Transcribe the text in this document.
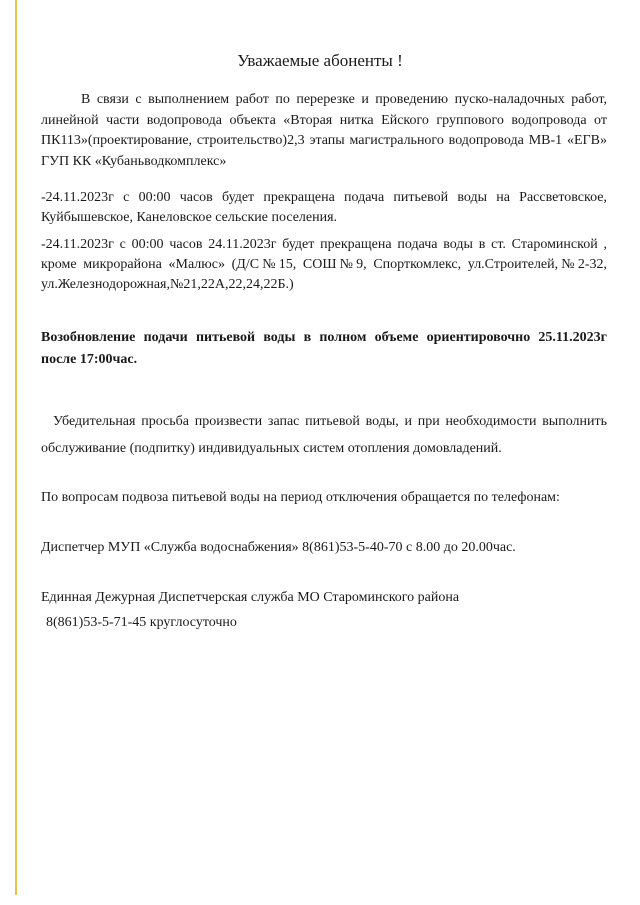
Уважаемые абоненты !

В связи с выполнением работ по перерезке и проведению пуско-наладочных работ, линейной части водопровода объекта «Вторая нитка Ейского группового водопровода от ПК113»(проектирование, строительство)2,3 этапы магистрального водопровода МВ-1 «ЕГВ» ГУП КК «Кубаньводкомплекс»

-24.11.2023г с 00:00 часов будет прекращена подача питьевой воды на Рассветовское, Куйбышевское, Канеловское сельские поселения.

-24.11.2023г с 00:00 часов 24.11.2023г будет прекращена подача воды в ст. Староминской , кроме микрорайона «Малюс» (Д/С№15, СОШ№9, Спорткомлекс, ул.Строителей,№2-32, ул.Железнодорожная,№21,22А,22,24,22Б.)

Возобновление подачи питьевой воды в полном объеме ориентировочно 25.11.2023г после 17:00час.

Убедительная просьба произвести запас питьевой воды, и при необходимости выполнить обслуживание (подпитку) индивидуальных систем отопления домовладений.

По вопросам подвоза питьевой воды на период отключения обращается по телефонам:

Диспетчер МУП «Служба водоснабжения» 8(861)53-5-40-70 с 8.00 до 20.00час.

Единная Дежурная Диспетчерская служба МО Староминского района

8(861)53-5-71-45 круглосуточно
